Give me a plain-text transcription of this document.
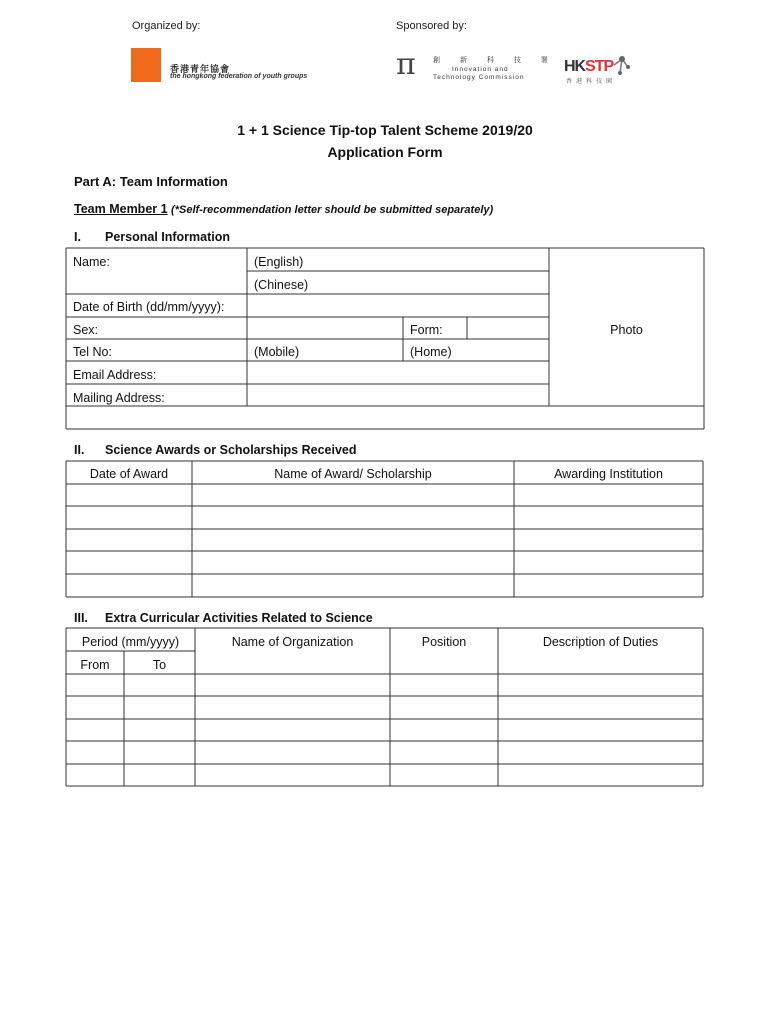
Organized by:	Sponsored by:
香港青年協會
the hongkong federation of youth groups	π 創 新 科 技 署
Innovation and
Technology Commission
HKSTP
香港科技園
1 + 1 Science Tip-top Talent Scheme 2019/20
Application Form
Part A: Team Information
Team Member 1 (*Self-recommendation letter should be submitted separately)
I. Personal Information
Name:	(English)
(Chinese)
Date of Birth (dd/mm/yyyy):
Sex:	Form:
Tel No:	(Mobile)	(Home)
Email Address:
Mailing Address:
Photo
II. Science Awards or Scholarships Received
Date of Award	Name of Award/ Scholarship	Awarding Institution
III. Extra Curricular Activities Related to Science
Period (mm/yyyy)
From	To
Name of Organization	Position	Description of Duties
